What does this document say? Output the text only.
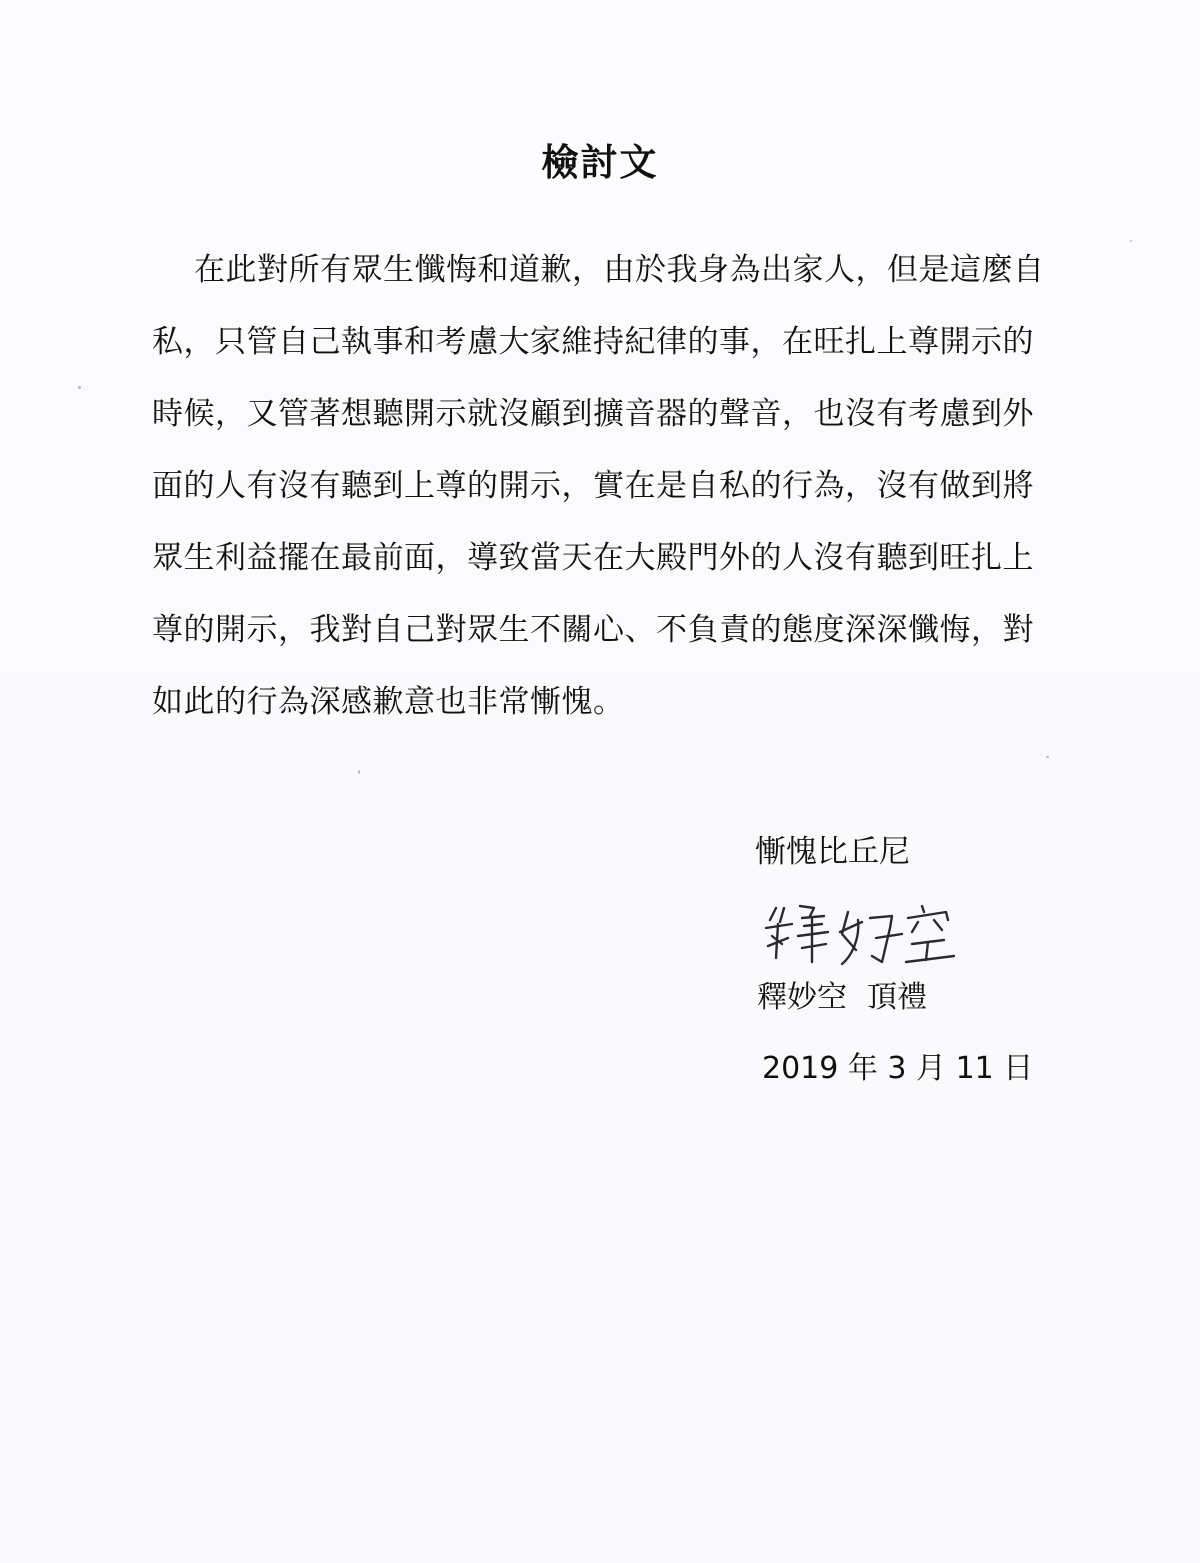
檢討文
在此對所有眾生懺悔和道歉，由於我身為出家人，但是這麼自
私，只管自己執事和考慮大家維持紀律的事，在旺扎上尊開示的
時候，又管著想聽開示就沒顧到擴音器的聲音，也沒有考慮到外
面的人有沒有聽到上尊的開示，實在是自私的行為，沒有做到將
眾生利益擺在最前面，導致當天在大殿門外的人沒有聽到旺扎上
尊的開示，我對自己對眾生不關心、不負責的態度深深懺悔，對
如此的行為深感歉意也非常慚愧。
慚愧比丘尼
釋妙空 頂禮
2019 年 3 月 11 日
